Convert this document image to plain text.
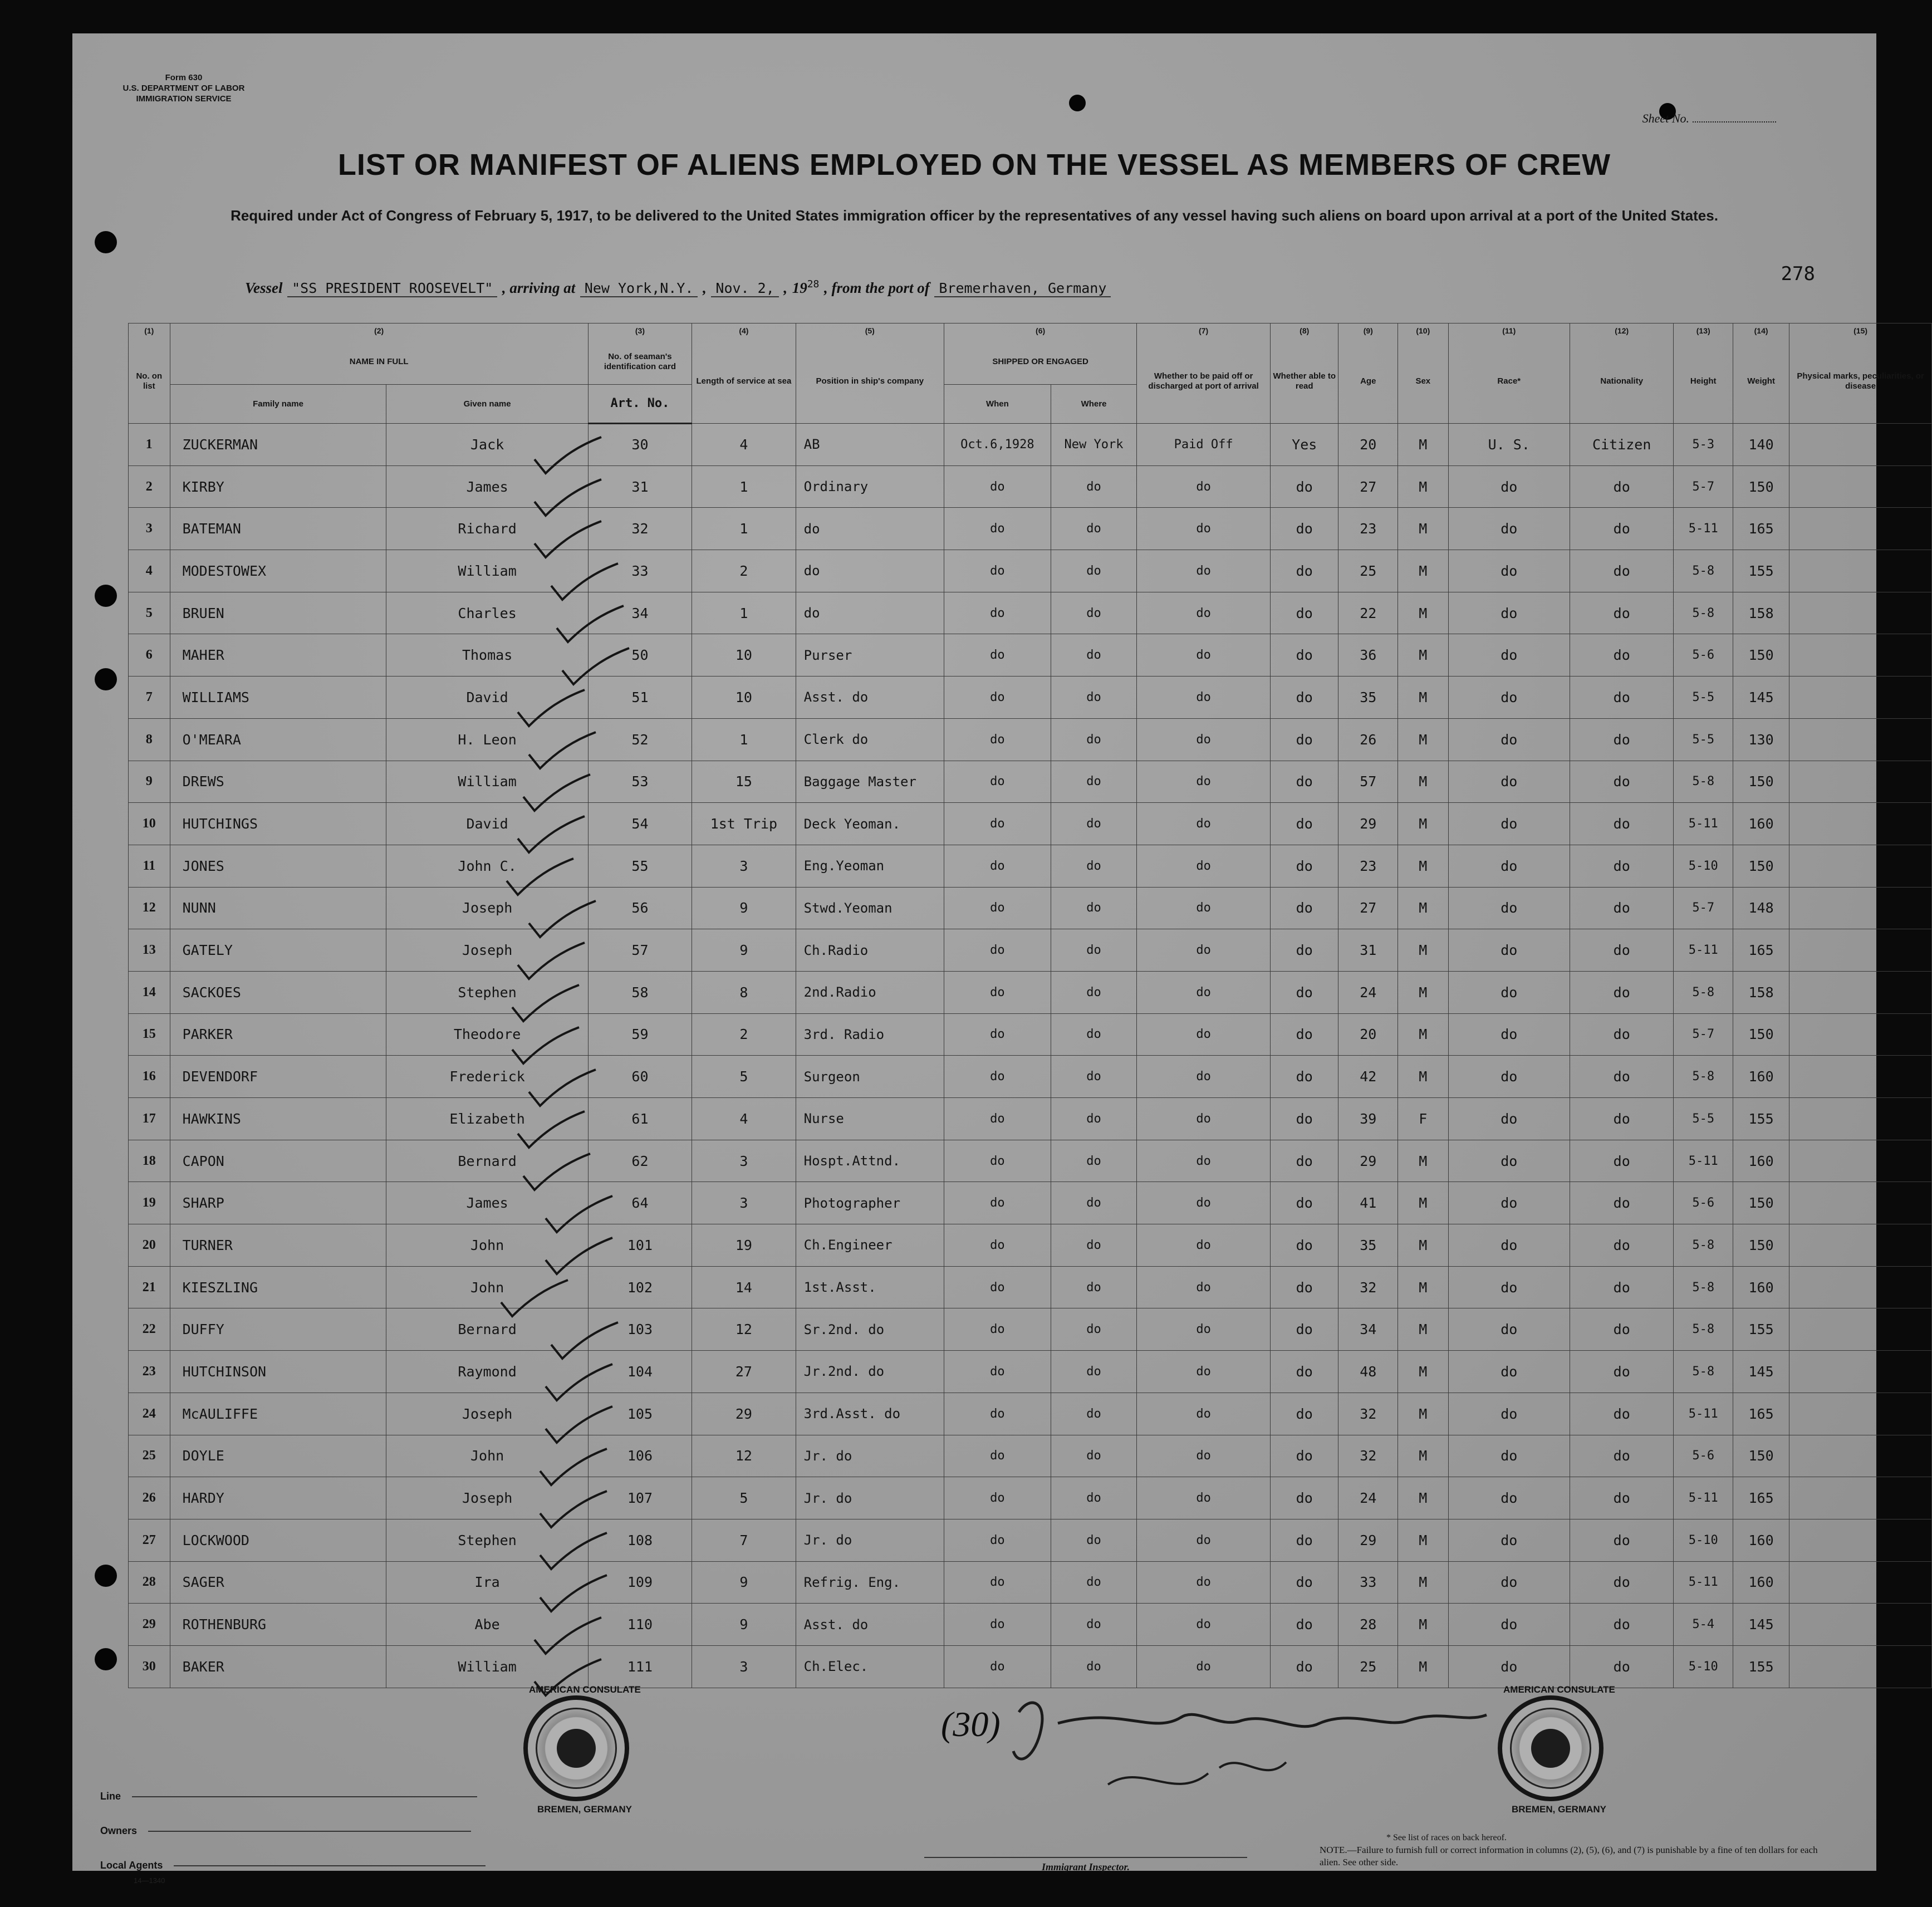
Form 630
U.S. DEPARTMENT OF LABOR
IMMIGRATION SERVICE
Sheet No.
LIST OR MANIFEST OF ALIENS EMPLOYED ON THE VESSEL AS MEMBERS OF CREW
Required under Act of Congress of February 5, 1917, to be delivered to the United States immigration officer by the representatives of any vessel having such aliens on board upon arrival at a port of the United States.
278
Vessel "SS PRESIDENT ROOSEVELT" , arriving at New York,N.Y. , Nov. 2, , 1928 , from the port of Bremerhaven, Germany
(1)	(2)		(3)	(4)	(5)	(6)		(7)	(8)	(9)	(10)	(11)	(12)	(13)	(14)	(15)
No. on list	NAME IN FULL		No. of seaman's identification card	Length of service at sea	Position in ship's company	SHIPPED OR ENGAGED		Whether to be paid off or discharged at port of arrival	Whether able to read	Age	Sex	Race*	Nationality	Height	Weight	Physical marks, peculiarities, or disease
	Family name	Given name														
			Art. No.			When	Where									
1	ZUCKERMAN	Jack	30	4	AB	Oct.6,1928	New York	Paid Off	Yes	20	M	U. S.	Citizen	5-3	140	
2	KIRBY	James	31	1	Ordinary	do	do	do	do	27	M	do	do	5-7	150	
3	BATEMAN	Richard	32	1	do	do	do	do	do	23	M	do	do	5-11	165	
4	MODESTOWEX	William	33	2	do	do	do	do	do	25	M	do	do	5-8	155	
5	BRUEN	Charles	34	1	do	do	do	do	do	22	M	do	do	5-8	158	
6	MAHER	Thomas	50	10	Purser	do	do	do	do	36	M	do	do	5-6	150	
7	WILLIAMS	David	51	10	Asst. do	do	do	do	do	35	M	do	do	5-5	145	
8	O'MEARA	H. Leon	52	1	Clerk do	do	do	do	do	26	M	do	do	5-5	130	
9	DREWS	William	53	15	Baggage Master	do	do	do	do	57	M	do	do	5-8	150	
10	HUTCHINGS	David	54	1st Trip	Deck Yeoman.	do	do	do	do	29	M	do	do	5-11	160	
11	JONES	John C.	55	3	Eng.Yeoman	do	do	do	do	23	M	do	do	5-10	150	
12	NUNN	Joseph	56	9	Stwd.Yeoman	do	do	do	do	27	M	do	do	5-7	148	
13	GATELY	Joseph	57	9	Ch.Radio	do	do	do	do	31	M	do	do	5-11	165	
14	SACKOES	Stephen	58	8	2nd.Radio	do	do	do	do	24	M	do	do	5-8	158	
15	PARKER	Theodore	59	2	3rd. Radio	do	do	do	do	20	M	do	do	5-7	150	
16	DEVENDORF	Frederick	60	5	Surgeon	do	do	do	do	42	M	do	do	5-8	160	
17	HAWKINS	Elizabeth	61	4	Nurse	do	do	do	do	39	F	do	do	5-5	155	
18	CAPON	Bernard	62	3	Hospt.Attnd.	do	do	do	do	29	M	do	do	5-11	160	
19	SHARP	James	64	3	Photographer	do	do	do	do	41	M	do	do	5-6	150	
20	TURNER	John	101	19	Ch.Engineer	do	do	do	do	35	M	do	do	5-8	150	
21	KIESZLING	John	102	14	1st.Asst.	do	do	do	do	32	M	do	do	5-8	160	
22	DUFFY	Bernard	103	12	Sr.2nd. do	do	do	do	do	34	M	do	do	5-8	155	
23	HUTCHINSON	Raymond	104	27	Jr.2nd. do	do	do	do	do	48	M	do	do	5-8	145	
24	McAULIFFE	Joseph	105	29	3rd.Asst. do	do	do	do	do	32	M	do	do	5-11	165	
25	DOYLE	John	106	12	Jr. do	do	do	do	do	32	M	do	do	5-6	150	
26	HARDY	Joseph	107	5	Jr. do	do	do	do	do	24	M	do	do	5-11	165	
27	LOCKWOOD	Stephen	108	7	Jr. do	do	do	do	do	29	M	do	do	5-10	160	
28	SAGER	Ira	109	9	Refrig. Eng.	do	do	do	do	33	M	do	do	5-11	160	
29	ROTHENBURG	Abe	110	9	Asst. do	do	do	do	do	28	M	do	do	5-4	145	
30	BAKER	William	111	3	Ch.Elec.	do	do	do	do	25	M	do	do	5-10	155	
AMERICAN CONSULATE
BREMEN, GERMANY
AMERICAN CONSULATE
BREMEN, GERMANY
(30)
Line
Owners
Local Agents
14—1340
Immigrant Inspector.
* See list of races on back hereof.
NOTE.—Failure to furnish full or correct information in columns (2), (5), (6), and (7) is punishable by a fine of ten dollars for each alien. See other side.
